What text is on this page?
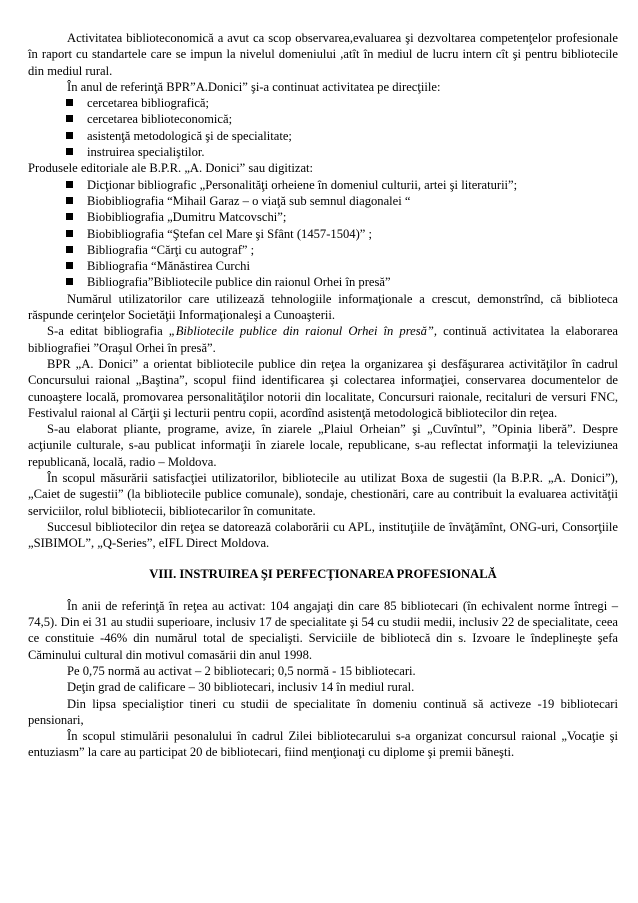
Activitatea biblioteconomică a avut ca scop observarea,evaluarea şi dezvoltarea competenţelor profesionale în raport cu standartele care se impun la nivelul domeniului ,atît în mediul de lucru intern cît şi pentru bibliotecile din mediul rural.

În anul de referinţă BPR”A.Donici” şi-a continuat activitatea pe direcţiile:

cercetarea bibliografică;
cercetarea biblioteconomică;
asistenţă metodologică şi de specialitate;
instruirea specialiştilor.

Produsele editoriale ale B.P.R. „A. Donici” sau digitizat:

Dicţionar bibliografic „Personalităţi orheiene în domeniul culturii, artei şi literaturii”;
Biobibliografia “Mihail Garaz – o viaţă sub semnul diagonalei “
Biobibliografia „Dumitru Matcovschi”;
Biobibliografia “Ştefan cel Mare şi Sfânt (1457-1504)” ;
Bibliografia “Cărţi cu autograf” ;
Bibliografia “Mănăstirea Curchi
Bibliografia”Bibliotecile publice din raionul Orhei în presă”

Numărul utilizatorilor care utilizează tehnologiile informaţionale a crescut, demonstrînd, că biblioteca răspunde cerinţelor Societăţii Informaţionaleşi a Cunoaşterii.

S-a editat bibliografia „Bibliotecile publice din raionul Orhei în presă”, continuă activitatea la elaborarea bibliografiei ”Oraşul Orhei în presă”.

BPR „A. Donici” a orientat bibliotecile publice din reţea la organizarea şi desfăşurarea activităţilor în cadrul Concursului raional „Baştina”, scopul fiind identificarea şi colectarea informaţiei, conservarea documentelor de cunoaştere locală, promovarea personalităţilor notorii din localitate, Concursuri raionale, recitaluri de versuri FNC, Festivalul raional al Cărţii şi lecturii pentru copii, acordînd asistenţă metodologică bibliotecilor din reţea.

S-au elaborat pliante, programe, avize, în ziarele „Plaiul Orheian” şi „Cuvîntul”, ”Opinia liberă”. Despre acţiunile culturale, s-au publicat informaţii în ziarele locale, republicane, s-au reflectat informaţii la televiziunea republicană, locală, radio – Moldova.

În scopul măsurării satisfacţiei utilizatorilor, bibliotecile au utilizat Boxa de sugestii (la B.P.R. „A. Donici”), „Caiet de sugestii” (la bibliotecile publice comunale), sondaje, chestionări, care au contribuit la evaluarea activităţii serviciilor, rolul bibliotecii, bibliotecarilor în comunitate.

Succesul bibliotecilor din reţea se datorează colaborării cu APL, instituţiile de învăţămînt, ONG-uri, Consorţiile „SIBIMOL”, „Q-Series”, eIFL Direct Moldova.

VIII. INSTRUIREA ŞI PERFECŢIONAREA PROFESIONALĂ

În anii de referinţă în reţea au activat: 104 angajaţi din care 85 bibliotecari (în echivalent norme întregi – 74,5). Din ei 31 au studii superioare, inclusiv 17 de specialitate şi 54 cu studii medii, inclusiv 22 de specialitate, ceea ce constituie -46% din numărul total de specialişti. Serviciile de bibliotecă din s. Izvoare le îndeplineşte şefa Căminului cultural din motivul comasării din anul 1998.

Pe 0,75 normă au activat – 2 bibliotecari; 0,5 normă - 15 bibliotecari.

Deţin grad de calificare – 30 bibliotecari, inclusiv 14 în mediul rural.

Din lipsa specialiştior tineri cu studii de specialitate în domeniu continuă să activeze -19 bibliotecari pensionari,

În scopul stimulării pesonalului în cadrul Zilei bibliotecarului s-a organizat concursul raional „Vocaţie şi entuziasm” la care au participat 20 de bibliotecari, fiind menţionaţi cu diplome şi premii băneşti.
